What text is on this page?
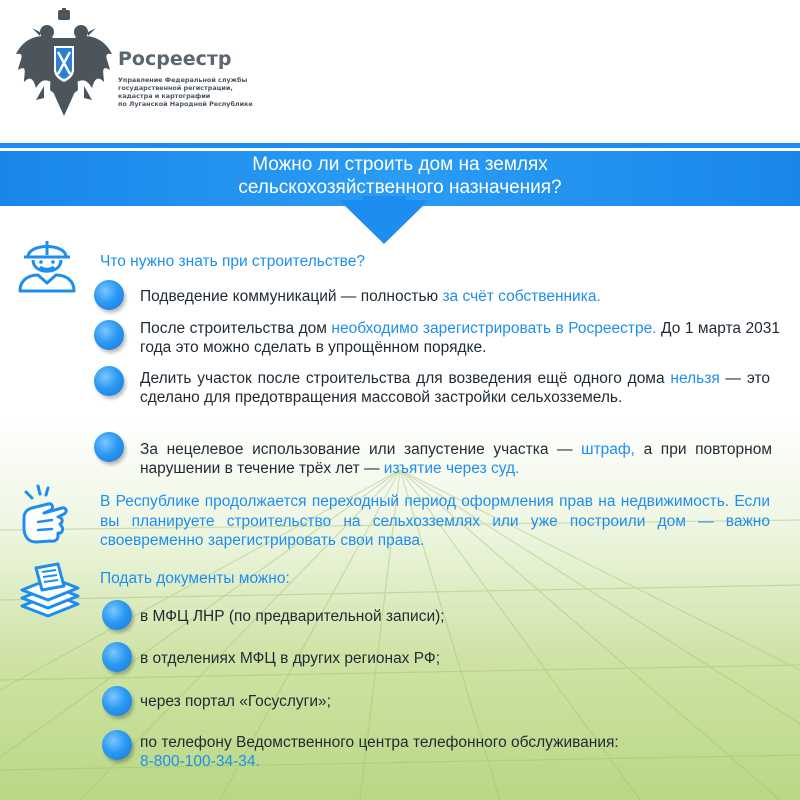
Росреестр
Управление Федеральной службы
государственной регистрации,
кадастра и картографии
по Луганской Народной Республике
Можно ли строить дом на землях
сельскохозяйственного назначения?
Что нужно знать при строительстве?
Подведение коммуникаций — полностью за счёт собственника.
После строительства дом необходимо зарегистрировать в Росреестре. До 1 марта 2031 года это можно сделать в упрощённом порядке.
Делить участок после строительства для возведения ещё одного дома нельзя — это сделано для предотвращения массовой застройки сельхозземель.
За нецелевое использование или запустение участка — штраф, а при повторном нарушении в течение трёх лет — изъятие через суд.
В Республике продолжается переходный период оформления прав на недвижимость. Если вы планируете строительство на сельхозземлях или уже построили дом — важно своевременно зарегистрировать свои права.
Подать документы можно:
в МФЦ ЛНР (по предварительной записи);
в отделениях МФЦ в других регионах РФ;
через портал «Госуслуги»;
по телефону Ведомственного центра телефонного обслуживания:
8-800-100-34-34.
